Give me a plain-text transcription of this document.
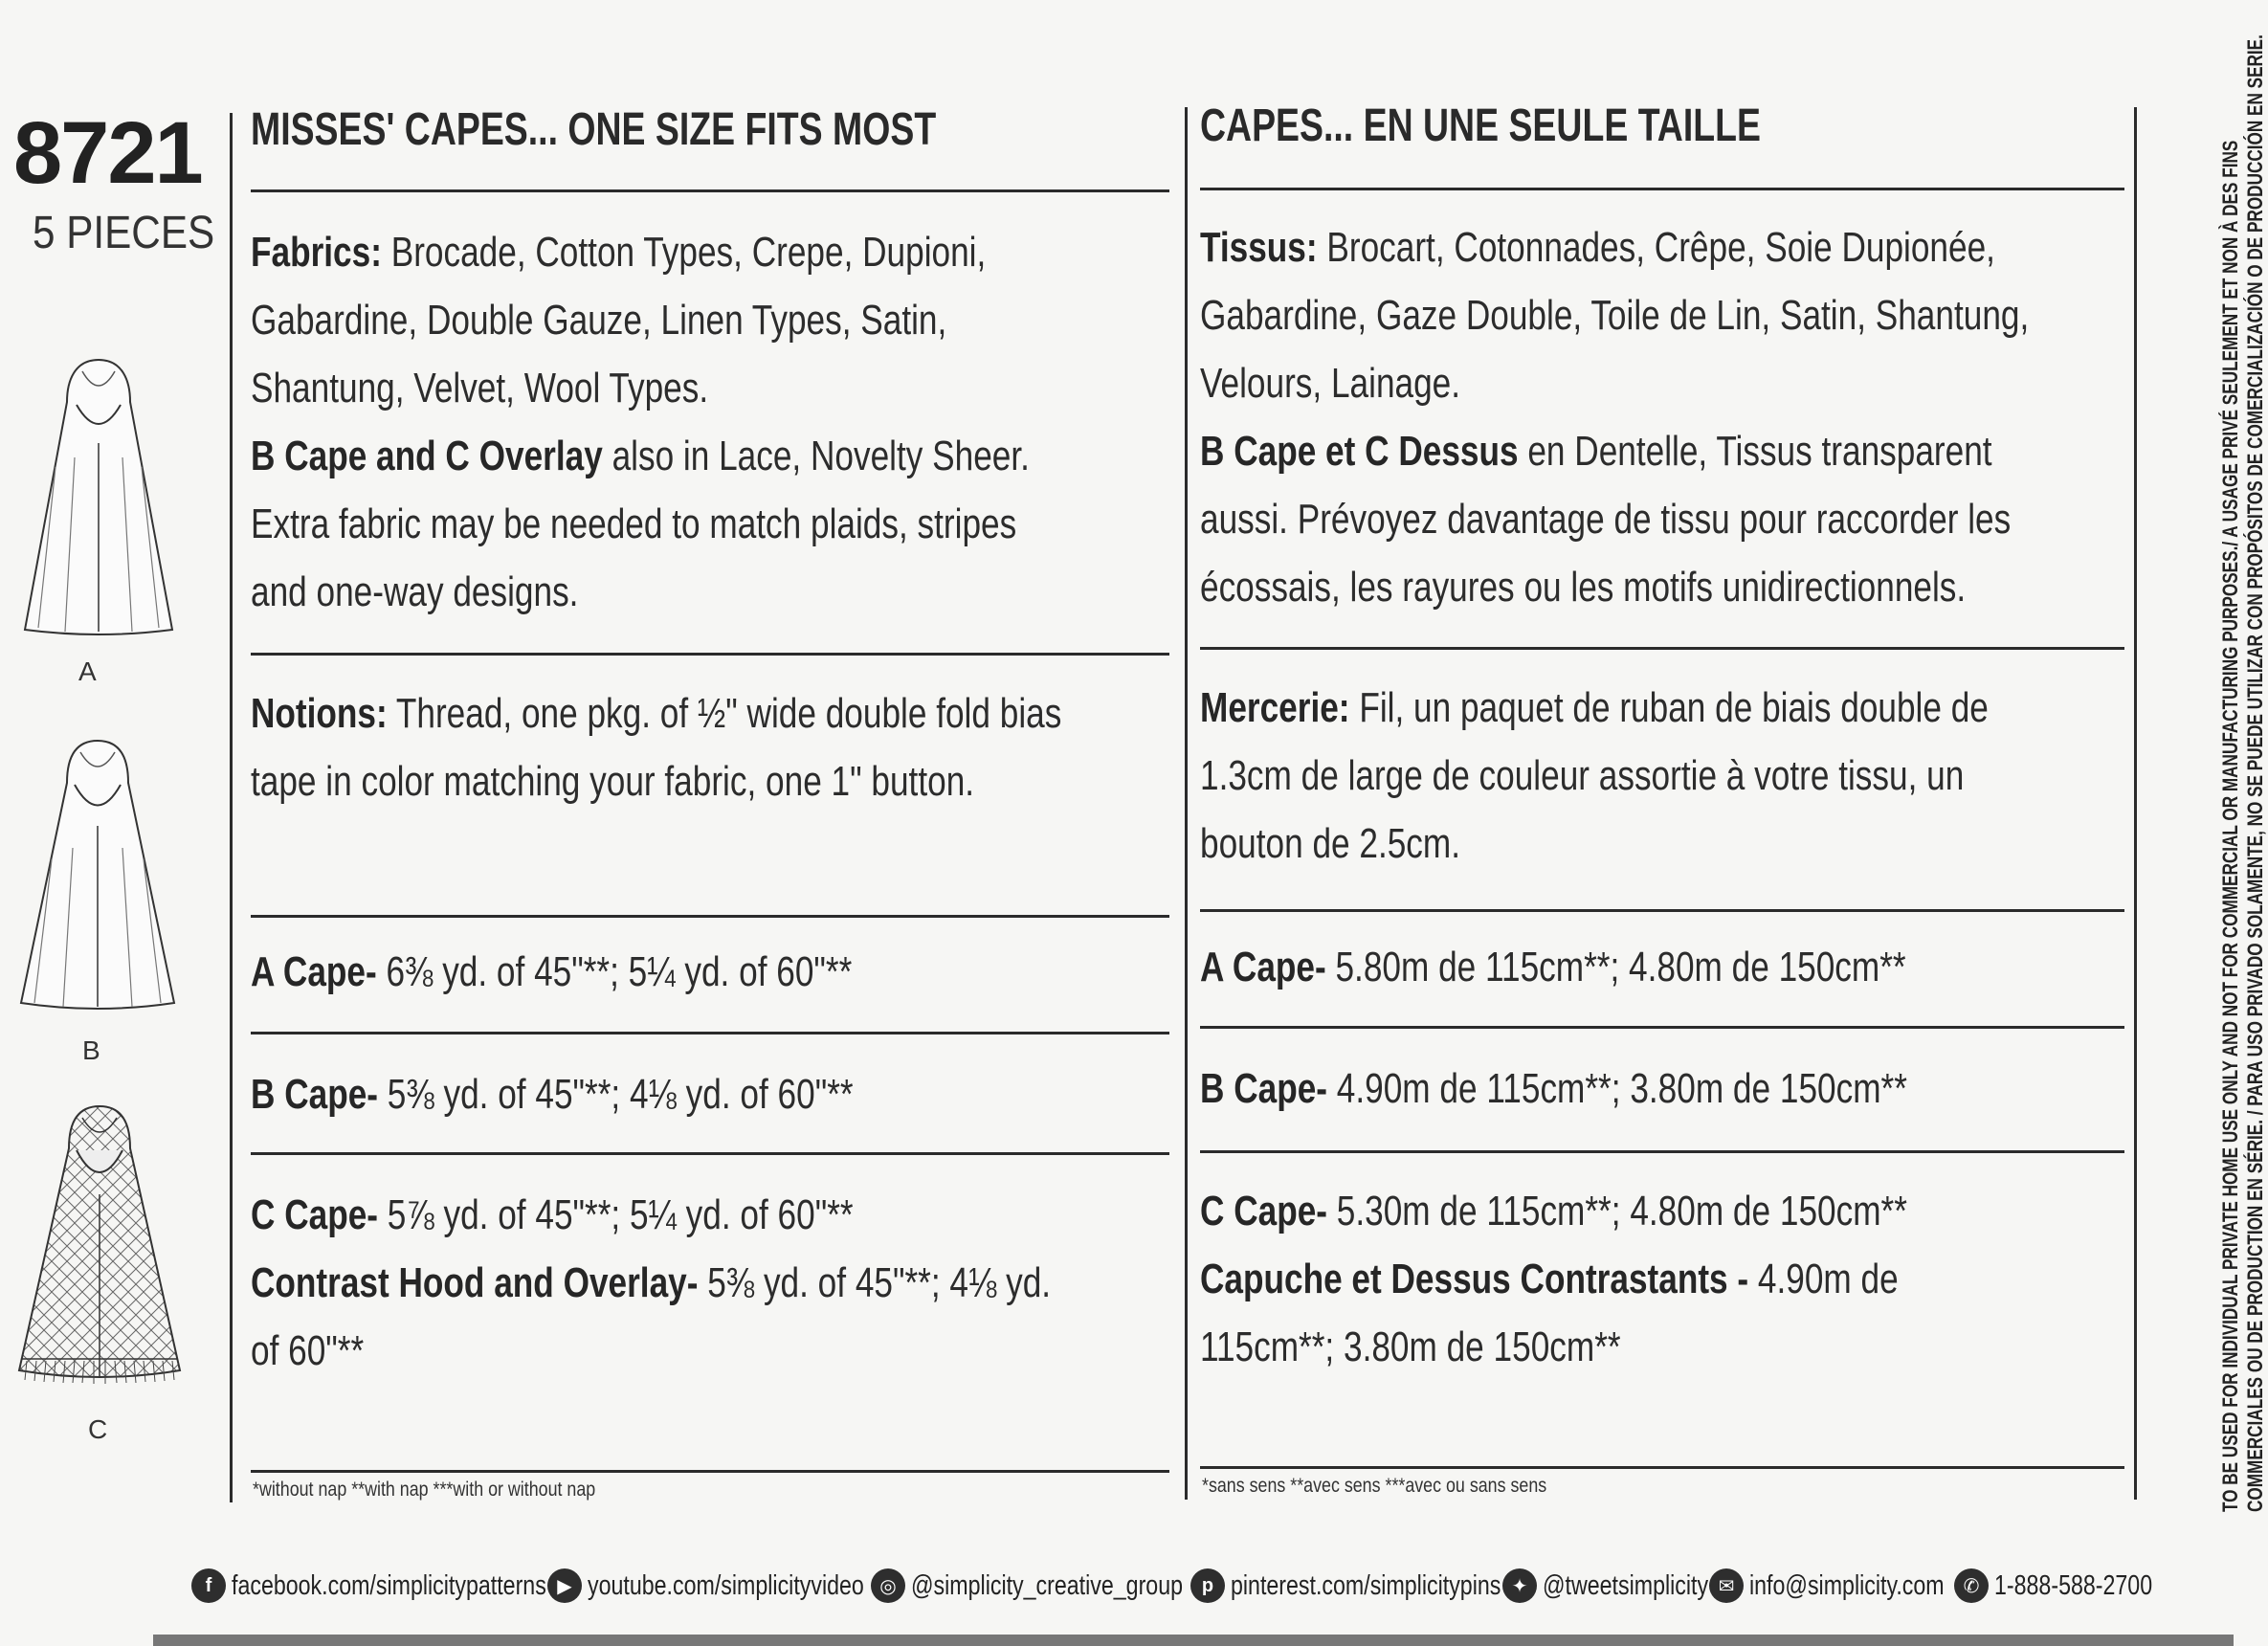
8721
5 PIECES
A
B
C
MISSES' CAPES... ONE SIZE FITS MOST
Fabrics: Brocade, Cotton Types, Crepe, Dupioni,
Gabardine, Double Gauze, Linen Types, Satin,
Shantung, Velvet, Wool Types.
B Cape and C Overlay also in Lace, Novelty Sheer.
Extra fabric may be needed to match plaids, stripes
and one-way designs.
Notions: Thread, one pkg. of ½" wide double fold bias
tape in color matching your fabric, one 1" button.
A Cape- 6⅜ yd. of 45"**; 5¼ yd. of 60"**
B Cape- 5⅜ yd. of 45"**; 4⅛ yd. of 60"**
C Cape- 5⅞ yd. of 45"**; 5¼ yd. of 60"**
Contrast Hood and Overlay- 5⅜ yd. of 45"**; 4⅛ yd.
of 60"**
*without nap **with nap ***with or without nap
CAPES... EN UNE SEULE TAILLE
Tissus: Brocart, Cotonnades, Crêpe, Soie Dupionée,
Gabardine, Gaze Double, Toile de Lin, Satin, Shantung,
Velours, Lainage.
B Cape et C Dessus en Dentelle, Tissus transparent
aussi. Prévoyez davantage de tissu pour raccorder les
écossais, les rayures ou les motifs unidirectionnels.
Mercerie: Fil, un paquet de ruban de biais double de
1.3cm de large de couleur assortie à votre tissu, un
bouton de 2.5cm.
A Cape- 5.80m de 115cm**; 4.80m de 150cm**
B Cape- 4.90m de 115cm**; 3.80m de 150cm**
C Cape- 5.30m de 115cm**; 4.80m de 150cm**
Capuche et Dessus Contrastants - 4.90m de
115cm**; 3.80m de 150cm**
*sans sens **avec sens ***avec ou sans sens	TO BE USED FOR INDIVIDUAL PRIVATE HOME USE ONLY AND NOT FOR COMMERCIAL OR MANUFACTURING PURPOSES./ A USAGE PRIVÉ SEULEMENT ET NON À DES FINS COMMERCIALES OU DE PRODUCTION EN SÉRIE. / PARA USO PRIVADO SOLAMENTE, NO SE PUEDE UTILIZAR CON PROPÓSITOS DE COMERCIALIZACIÓN O DE PRODUCCIÓN EN SERIE.
f facebook.com/simplicitypatterns ▶ youtube.com/simplicityvideo ◎ @simplicity_creative_group p pinterest.com/simplicitypins ✦ @tweetsimplicity ✉ info@simplicity.com ✆ 1-888-588-2700
